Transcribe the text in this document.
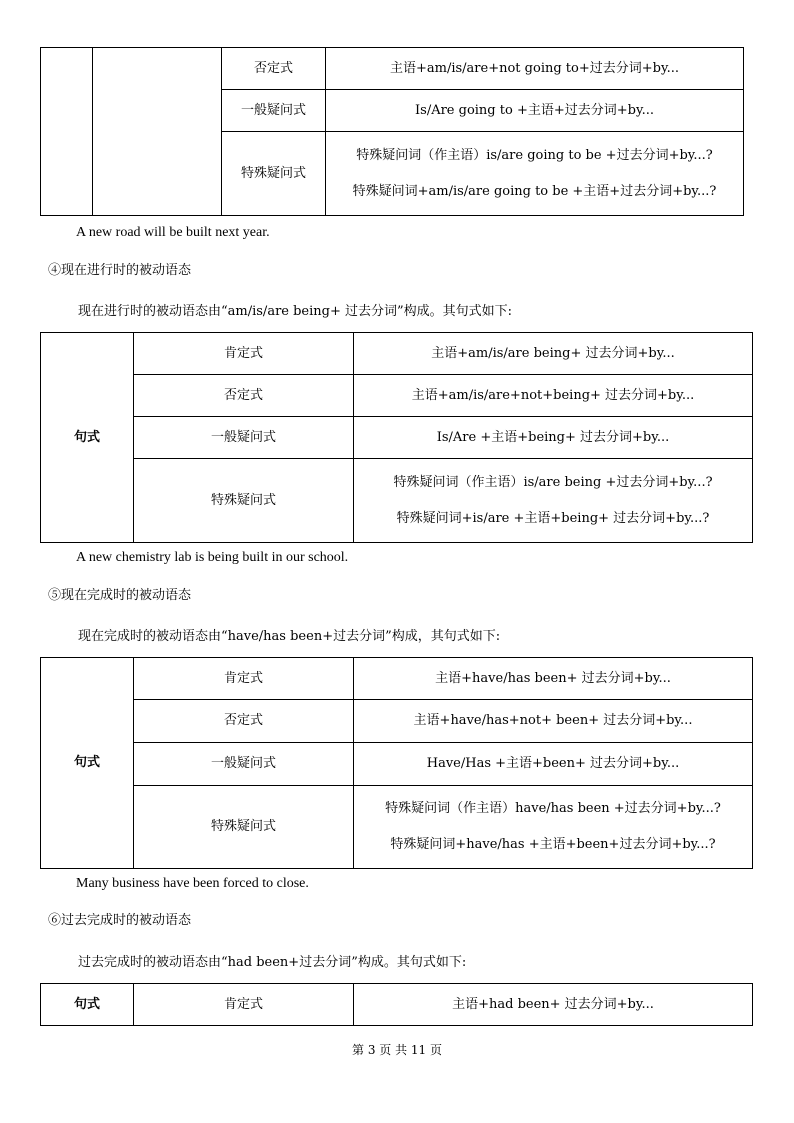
		否定式	主语+am/is/are+not going to+过去分词+by...
		一般疑问式	Is/Are going to +主语+过去分词+by...
		特殊疑问式	特殊疑问词（作主语）is/are going to be +过去分词+by...?
特殊疑问词+am/is/are going to be +主语+过去分词+by...?
A new road will be built next year.
④现在进行时的被动语态
现在进行时的被动语态由“am/is/are being+ 过去分词”构成。其句式如下:
句式	肯定式	主语+am/is/are being+ 过去分词+by...
	否定式	主语+am/is/are+not+being+ 过去分词+by...
	一般疑问式	Is/Are +主语+being+ 过去分词+by...
	特殊疑问式	特殊疑问词（作主语）is/are being +过去分词+by...?
特殊疑问词+is/are +主语+being+ 过去分词+by...?
A new chemistry lab is being built in our school.
⑤现在完成时的被动语态
现在完成时的被动语态由“have/has been+过去分词”构成，其句式如下:
句式	肯定式	主语+have/has been+ 过去分词+by...
	否定式	主语+have/has+not+ been+ 过去分词+by...
	一般疑问式	Have/Has +主语+been+ 过去分词+by...
	特殊疑问式	特殊疑问词（作主语）have/has been +过去分词+by...?
特殊疑问词+have/has +主语+been+过去分词+by...?
Many business have been forced to close.
⑥过去完成时的被动语态
过去完成时的被动语态由“had been+过去分词”构成。其句式如下:
句式	肯定式	主语+had been+ 过去分词+by...
第 3 页 共 11 页
